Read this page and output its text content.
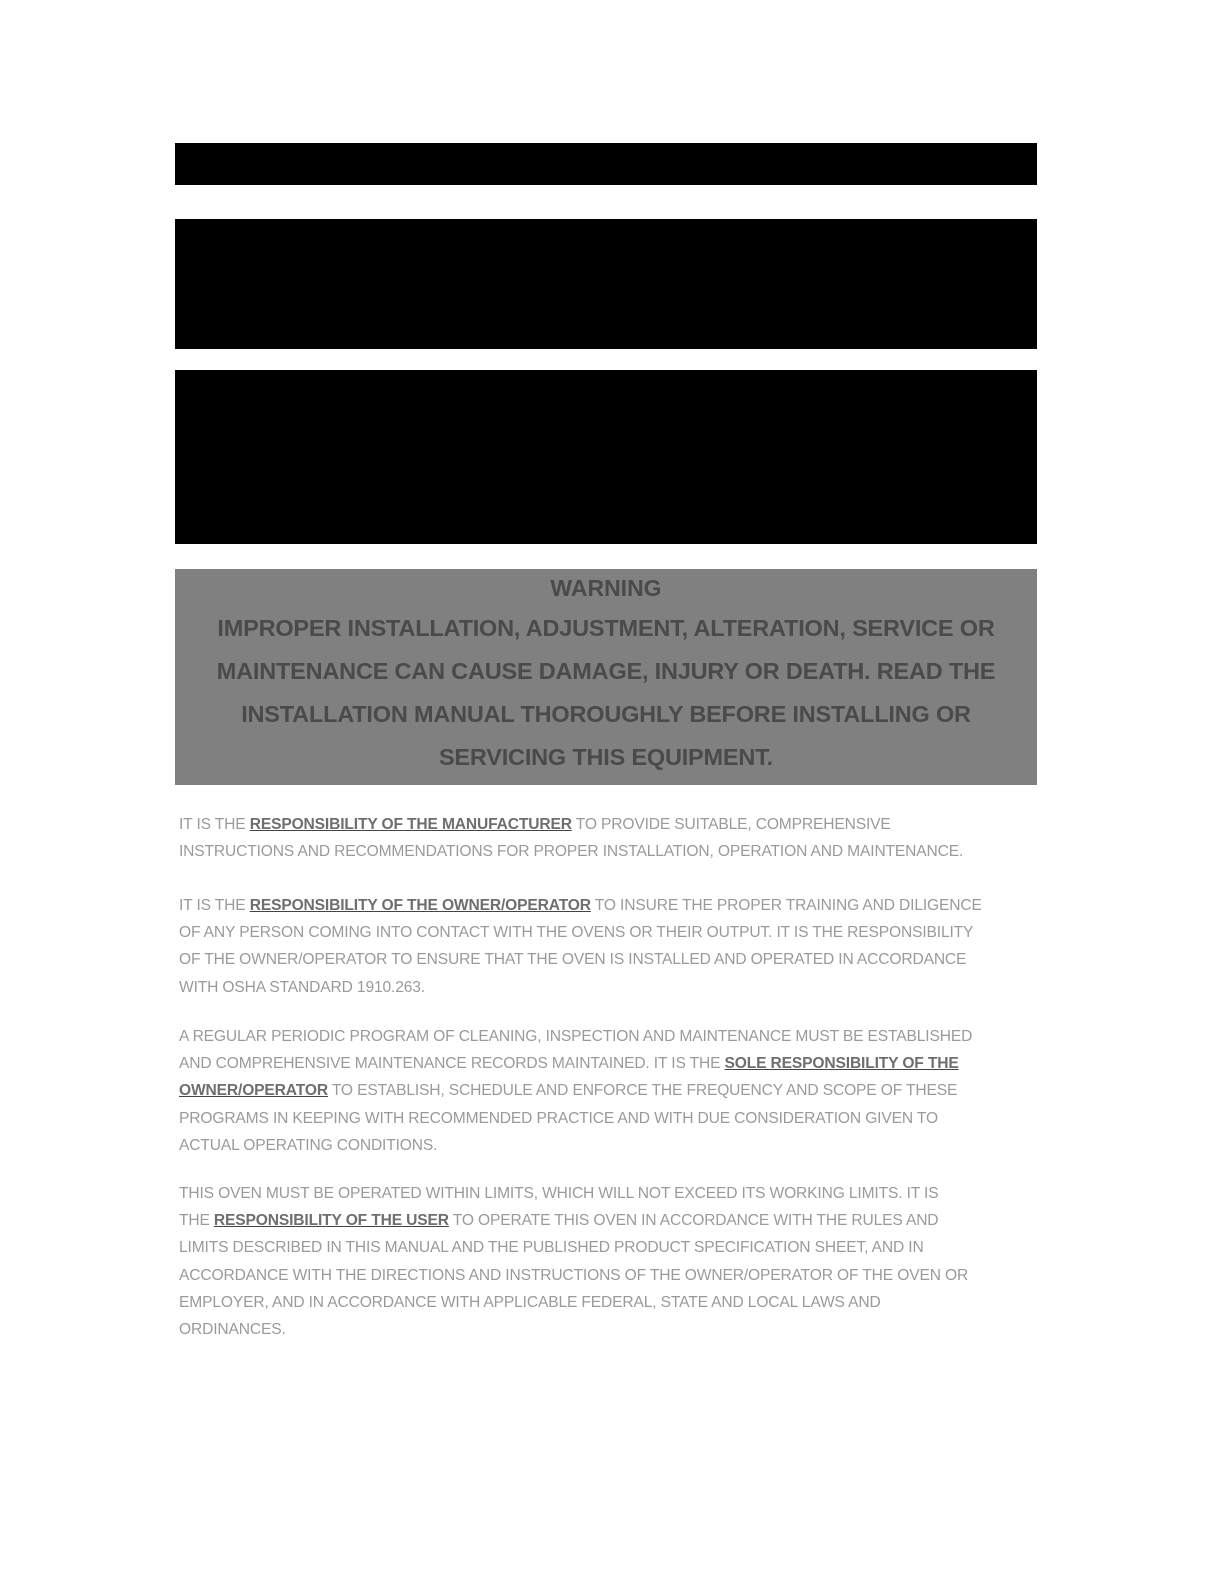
WARNING
IMPROPER INSTALLATION, ADJUSTMENT, ALTERATION, SERVICE OR
MAINTENANCE CAN CAUSE DAMAGE, INJURY OR DEATH. READ THE
INSTALLATION MANUAL THOROUGHLY BEFORE INSTALLING OR
SERVICING THIS EQUIPMENT.
IT IS THE RESPONSIBILITY OF THE MANUFACTURER TO PROVIDE SUITABLE, COMPREHENSIVE
INSTRUCTIONS AND RECOMMENDATIONS FOR PROPER INSTALLATION, OPERATION AND MAINTENANCE.
IT IS THE RESPONSIBILITY OF THE OWNER/OPERATOR TO INSURE THE PROPER TRAINING AND DILIGENCE
OF ANY PERSON COMING INTO CONTACT WITH THE OVENS OR THEIR OUTPUT. IT IS THE RESPONSIBILITY
OF THE OWNER/OPERATOR TO ENSURE THAT THE OVEN IS INSTALLED AND OPERATED IN ACCORDANCE
WITH OSHA STANDARD 1910.263.
A REGULAR PERIODIC PROGRAM OF CLEANING, INSPECTION AND MAINTENANCE MUST BE ESTABLISHED
AND COMPREHENSIVE MAINTENANCE RECORDS MAINTAINED. IT IS THE SOLE RESPONSIBILITY OF THE
OWNER/OPERATOR TO ESTABLISH, SCHEDULE AND ENFORCE THE FREQUENCY AND SCOPE OF THESE
PROGRAMS IN KEEPING WITH RECOMMENDED PRACTICE AND WITH DUE CONSIDERATION GIVEN TO
ACTUAL OPERATING CONDITIONS.
THIS OVEN MUST BE OPERATED WITHIN LIMITS, WHICH WILL NOT EXCEED ITS WORKING LIMITS. IT IS
THE RESPONSIBILITY OF THE USER TO OPERATE THIS OVEN IN ACCORDANCE WITH THE RULES AND
LIMITS DESCRIBED IN THIS MANUAL AND THE PUBLISHED PRODUCT SPECIFICATION SHEET, AND IN
ACCORDANCE WITH THE DIRECTIONS AND INSTRUCTIONS OF THE OWNER/OPERATOR OF THE OVEN OR
EMPLOYER, AND IN ACCORDANCE WITH APPLICABLE FEDERAL, STATE AND LOCAL LAWS AND
ORDINANCES.
